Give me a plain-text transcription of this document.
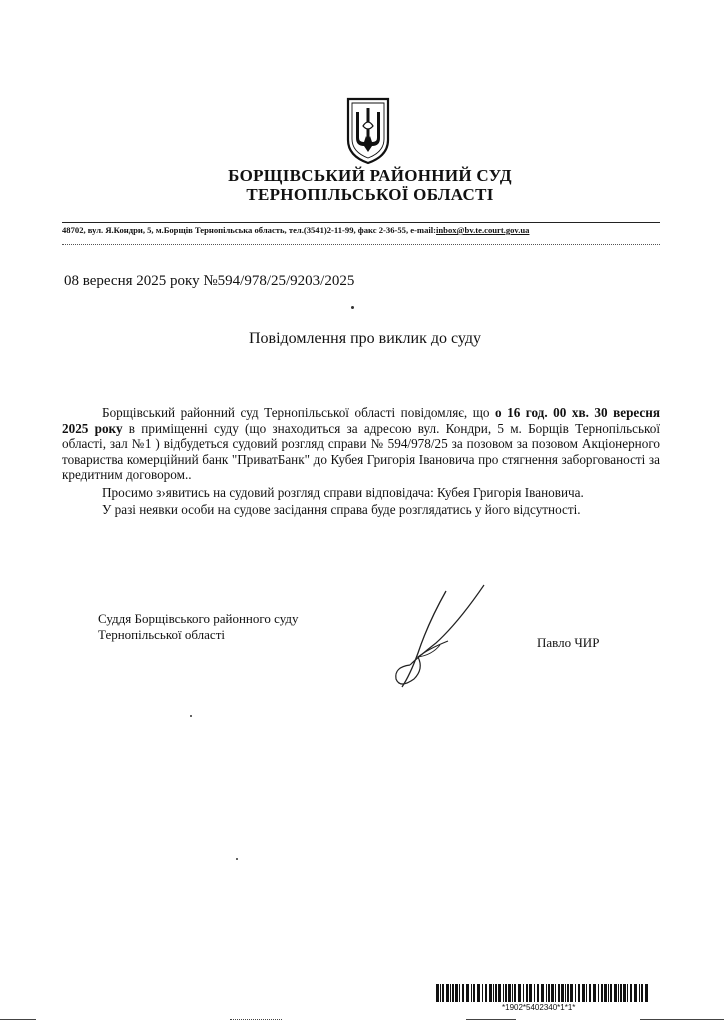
БОРЩІВСЬКИЙ РАЙОННИЙ СУД
ТЕРНОПІЛЬСЬКОЇ ОБЛАСТІ
48702, вул. Я.Кондри, 5, м.Борщів Тернопільська область, тел.(3541)2-11-99, факс 2-36-55, e-mail:inbox@bv.te.court.gov.ua
08 вересня 2025 року №594/978/25/9203/2025
Повідомлення про виклик до суду

Борщівський районний суд Тернопільської області повідомляє, що о 16 год. 00 хв. 30 вересня 2025 року в приміщенні суду (що знаходиться за адресою вул. Кондри, 5 м. Борщів Тернопільської області, зал №1 ) відбудеться судовий розгляд справи № 594/978/25 за позовом за позовом Акціонерного товариства комерційний банк "ПриватБанк" до Кубея Григорія Івановича про стягнення заборгованості за кредитним договором..

Просимо з›явитись на судовий розгляд справи відповідача: Кубея Григорія Івановича.

У разі неявки особи на судове засідання справа буде розглядатись у його відсутності.

Суддя Борщівського районного суду
Тернопільської області
Павло ЧИР
*1902*5402340*1*1*
